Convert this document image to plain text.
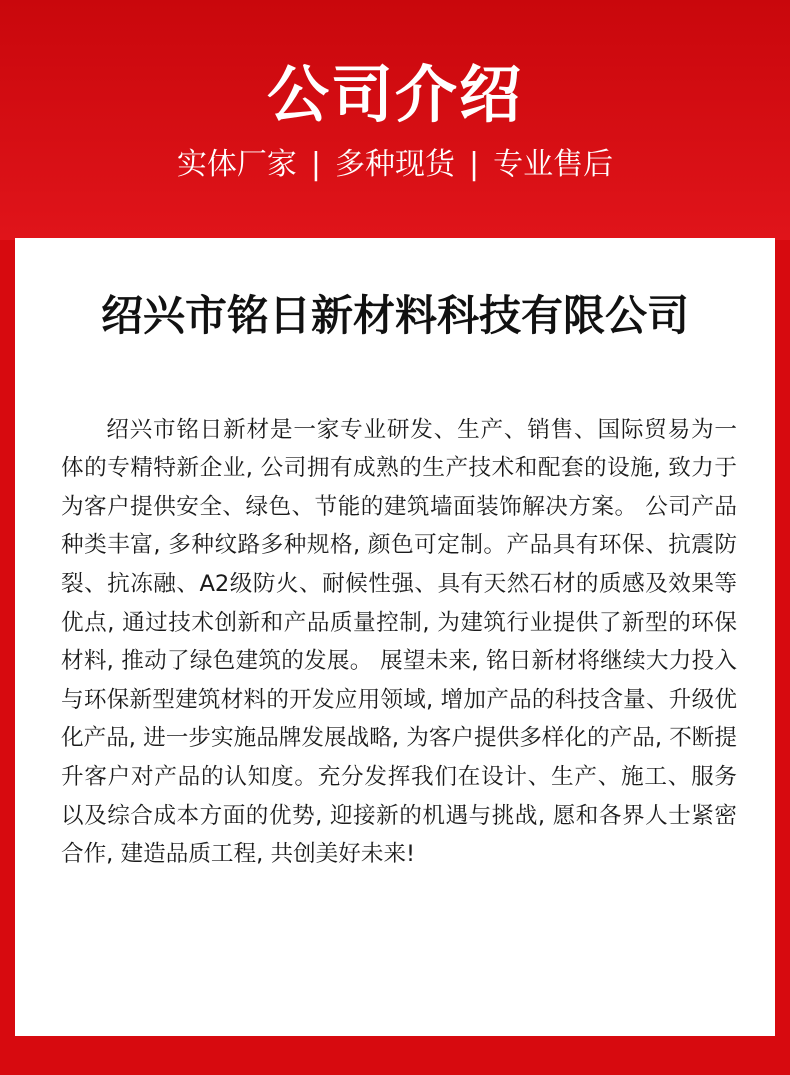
公司介绍
实体厂家 | 多种现货 | 专业售后
绍兴市铭日新材料科技有限公司

绍兴市铭日新材是一家专业研发、生产、销售、国际贸易为一体的专精特新企业, 公司拥有成熟的生产技术和配套的设施, 致力于为客户提供安全、绿色、节能的建筑墙面装饰解决方案。 公司产品种类丰富, 多种纹路多种规格, 颜色可定制。产品具有环保、抗震防裂、抗冻融、A2级防火、耐候性强、具有天然石材的质感及效果等优点, 通过技术创新和产品质量控制, 为建筑行业提供了新型的环保材料, 推动了绿色建筑的发展。 展望未来, 铭日新材将继续大力投入与环保新型建筑材料的开发应用领域, 增加产品的科技含量、升级优化产品, 进一步实施品牌发展战略, 为客户提供多样化的产品, 不断提升客户对产品的认知度。充分发挥我们在设计、生产、施工、服务以及综合成本方面的优势, 迎接新的机遇与挑战, 愿和各界人士紧密合作, 建造品质工程, 共创美好未来!
